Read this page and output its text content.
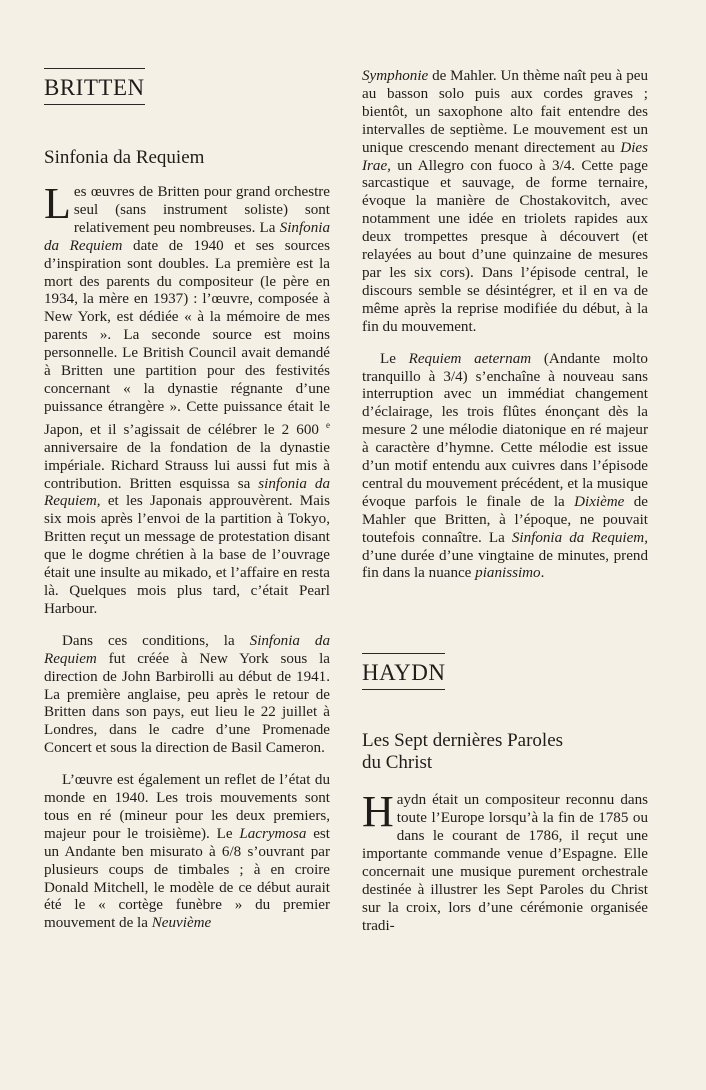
BRITTEN
Sinfonia da Requiem

Les œuvres de Britten pour grand orchestre seul (sans instrument soliste) sont relativement peu nombreuses. La Sinfonia da Requiem date de 1940 et ses sources d’inspiration sont doubles. La première est la mort des parents du compositeur (le père en 1934, la mère en 1937) : l’œuvre, composée à New York, est dédiée « à la mémoire de mes parents ». La seconde source est moins personnelle. Le British Council avait demandé à Britten une partition pour des festivités concernant « la dynastie régnante d’une puissance étrangère ». Cette puissance était le Japon, et il s’agissait de célébrer le 2 600 $^e$ anniversaire de la fondation de la dynastie impériale. Richard Strauss lui aussi fut mis à contribution. Britten esquissa sa sinfonia da Requiem, et les Japonais approuvèrent. Mais six mois après l’envoi de la partition à Tokyo, Britten reçut un message de protestation disant que le dogme chrétien à la base de l’ouvrage était une insulte au mikado, et l’affaire en resta là. Quelques mois plus tard, c’était Pearl Harbour.

Dans ces conditions, la Sinfonia da Requiem fut créée à New York sous la direction de John Barbirolli au début de 1941. La première anglaise, peu après le retour de Britten dans son pays, eut lieu le 22 juillet à Londres, dans le cadre d’une Promenade Concert et sous la direction de Basil Cameron.

L’œuvre est également un reflet de l’état du monde en 1940. Les trois mouvements sont tous en ré (mineur pour les deux premiers, majeur pour le troisième). Le Lacrymosa est un Andante ben misurato à 6/8 s’ouvrant par plusieurs coups de timbales ; à en croire Donald Mitchell, le modèle de ce début aurait été le « cortège funèbre » du premier mouvement de la Neuvième

Symphonie de Mahler. Un thème naît peu à peu au basson solo puis aux cordes graves ; bientôt, un saxophone alto fait entendre des intervalles de septième. Le mouvement est un unique crescendo menant directement au Dies Irae, un Allegro con fuoco à 3/4. Cette page sarcastique et sauvage, de forme ternaire, évoque la manière de Chostakovitch, avec notamment une idée en triolets rapides aux deux trompettes presque à découvert (et relayées au bout d’une quinzaine de mesures par les six cors). Dans l’épisode central, le discours semble se désintégrer, et il en va de même après la reprise modifiée du début, à la fin du mouvement.

Le Requiem aeternam (Andante molto tranquillo à 3/4) s’enchaîne à nouveau sans interruption avec un immédiat changement d’éclairage, les trois flûtes énonçant dès la mesure 2 une mélodie diatonique en ré majeur à caractère d’hymne. Cette mélodie est issue d’un motif entendu aux cuivres dans l’épisode central du mouvement précédent, et la musique évoque parfois le finale de la Dixième de Mahler que Britten, à l’époque, ne pouvait toutefois connaître. La Sinfonia da Requiem, d’une durée d’une vingtaine de minutes, prend fin dans la nuance pianissimo.

HAYDN
Les Sept dernières Paroles
du Christ

Haydn était un compositeur reconnu dans toute l’Europe lorsqu’à la fin de 1785 ou dans le courant de 1786, il reçut une importante commande venue d’Espagne. Elle concernait une musique purement orchestrale destinée à illustrer les Sept Paroles du Christ sur la croix, lors d’une cérémonie organisée tradi-
